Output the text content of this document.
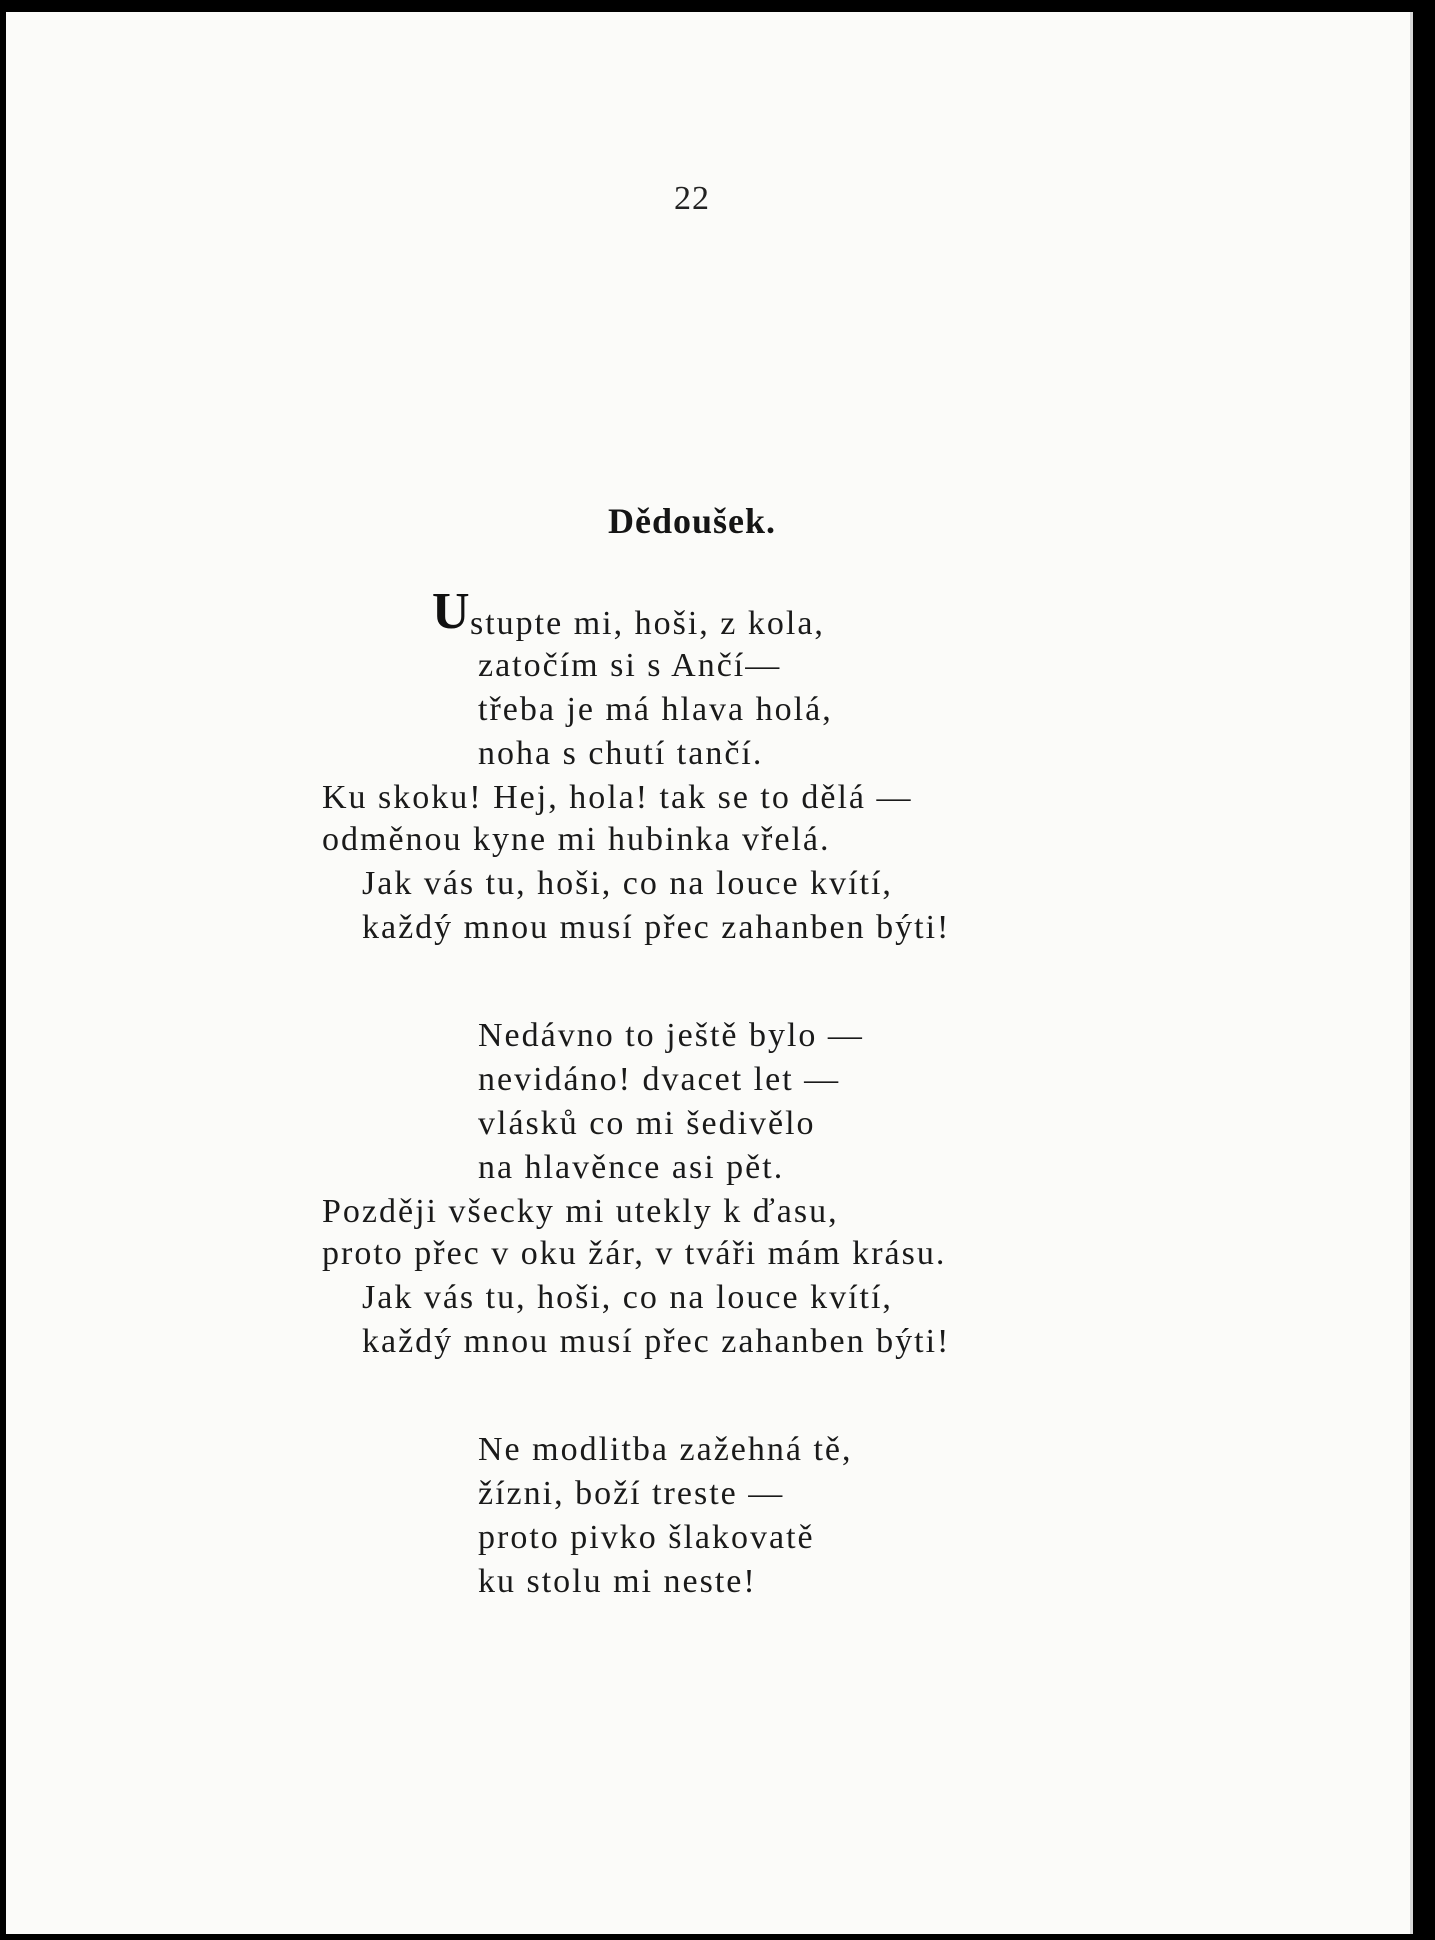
22
Dědoušek.
U stupte mi, hoši, z kola,
zatočím si s Ančí—
třeba je má hlava holá,
noha s chutí tančí.
Ku skoku! Hej, hola! tak se to dělá —
odměnou kyne mi hubinka vřelá.
Jak vás tu, hoši, co na louce kvítí,
každý mnou musí přec zahanben býti!
Nedávno to ještě bylo —
nevidáno! dvacet let —
vlásků co mi šedivělo
na hlavěnce asi pět.
Později všecky mi utekly k ďasu,
proto přec v oku žár, v tváři mám krásu.
Jak vás tu, hoši, co na louce kvítí,
každý mnou musí přec zahanben býti!
Ne modlitba zažehná tě,
žízni, boží treste —
proto pivko šlakovatě
ku stolu mi neste!
